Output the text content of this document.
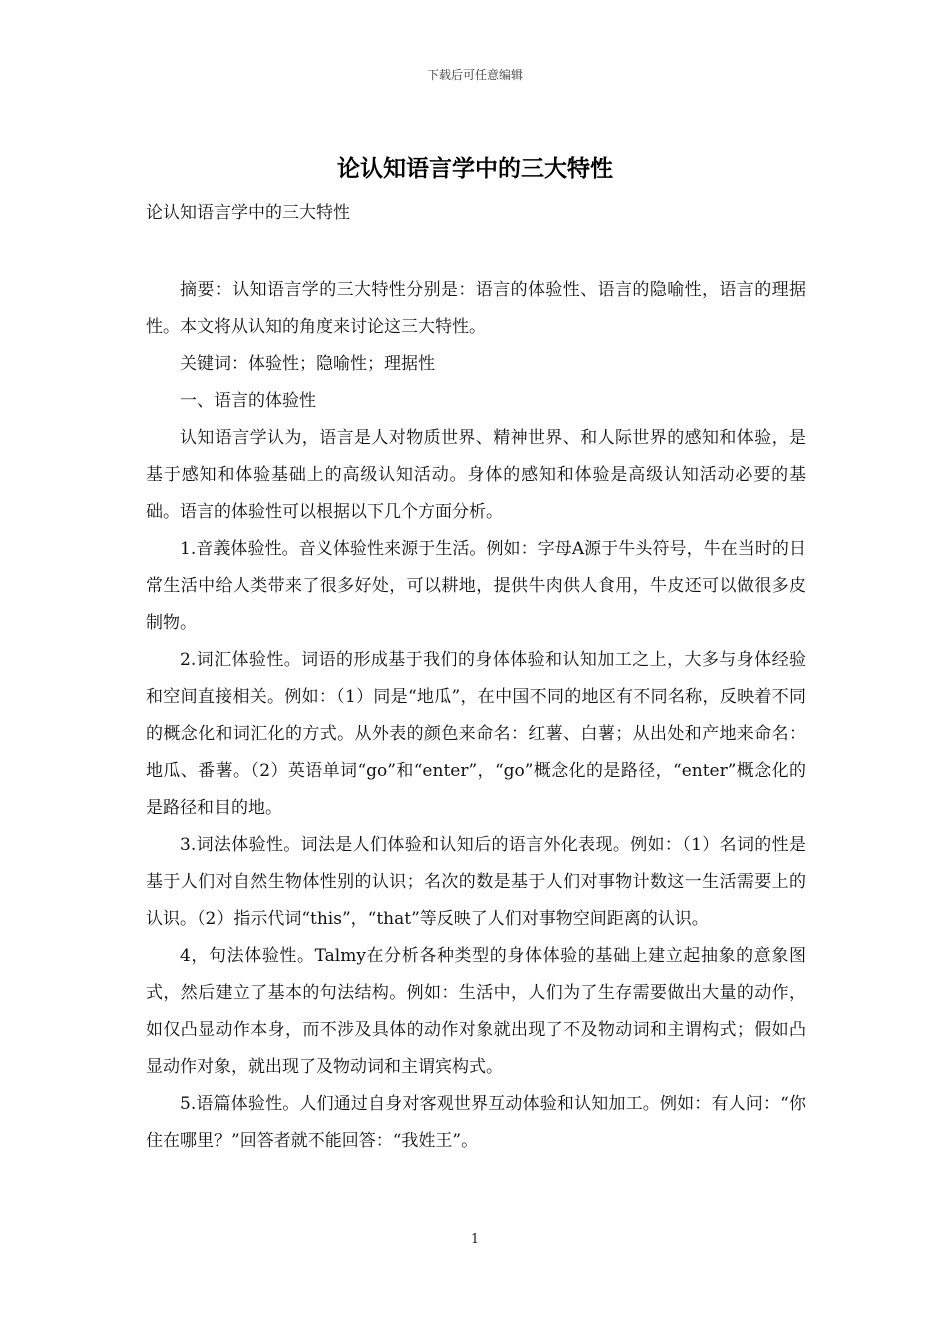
下载后可任意编辑
论认知语言学中的三大特性
论认知语言学中的三大特性

摘要：认知语言学的三大特性分别是：语言的体验性、语言的隐喻性，语言的理据性。本文将从认知的角度来讨论这三大特性。

关键词：体验性；隐喻性；理据性

一、语言的体验性

认知语言学认为，语言是人对物质世界、精神世界、和人际世界的感知和体验，是基于感知和体验基础上的高级认知活动。身体的感知和体验是高级认知活动必要的基础。语言的体验性可以根据以下几个方面分析。

1.音義体验性。音义体验性来源于生活。例如：字母A源于牛头符号，牛在当时的日常生活中给人类带来了很多好处，可以耕地，提供牛肉供人食用，牛皮还可以做很多皮制物。

2.词汇体验性。词语的形成基于我们的身体体验和认知加工之上，大多与身体经验和空间直接相关。例如：（1）同是“地瓜”，在中国不同的地区有不同名称，反映着不同的概念化和词汇化的方式。从外表的颜色来命名：红薯、白薯；从出处和产地来命名：地瓜、番薯。（2）英语单词“go”和“enter”，“go”概念化的是路径，“enter”概念化的是路径和目的地。

3.词法体验性。词法是人们体验和认知后的语言外化表现。例如：（1）名词的性是基于人们对自然生物体性别的认识；名次的数是基于人们对事物计数这一生活需要上的认识。（2）指示代词“this”，“that”等反映了人们对事物空间距离的认识。

4，句法体验性。Talmy在分析各种类型的身体体验的基础上建立起抽象的意象图式，然后建立了基本的句法结构。例如：生活中，人们为了生存需要做出大量的动作，如仅凸显动作本身，而不涉及具体的动作对象就出现了不及物动词和主谓构式；假如凸显动作对象，就出现了及物动词和主谓宾构式。

5.语篇体验性。人们通过自身对客观世界互动体验和认知加工。例如：有人问：“你住在哪里？”回答者就不能回答：“我姓王”。

1
